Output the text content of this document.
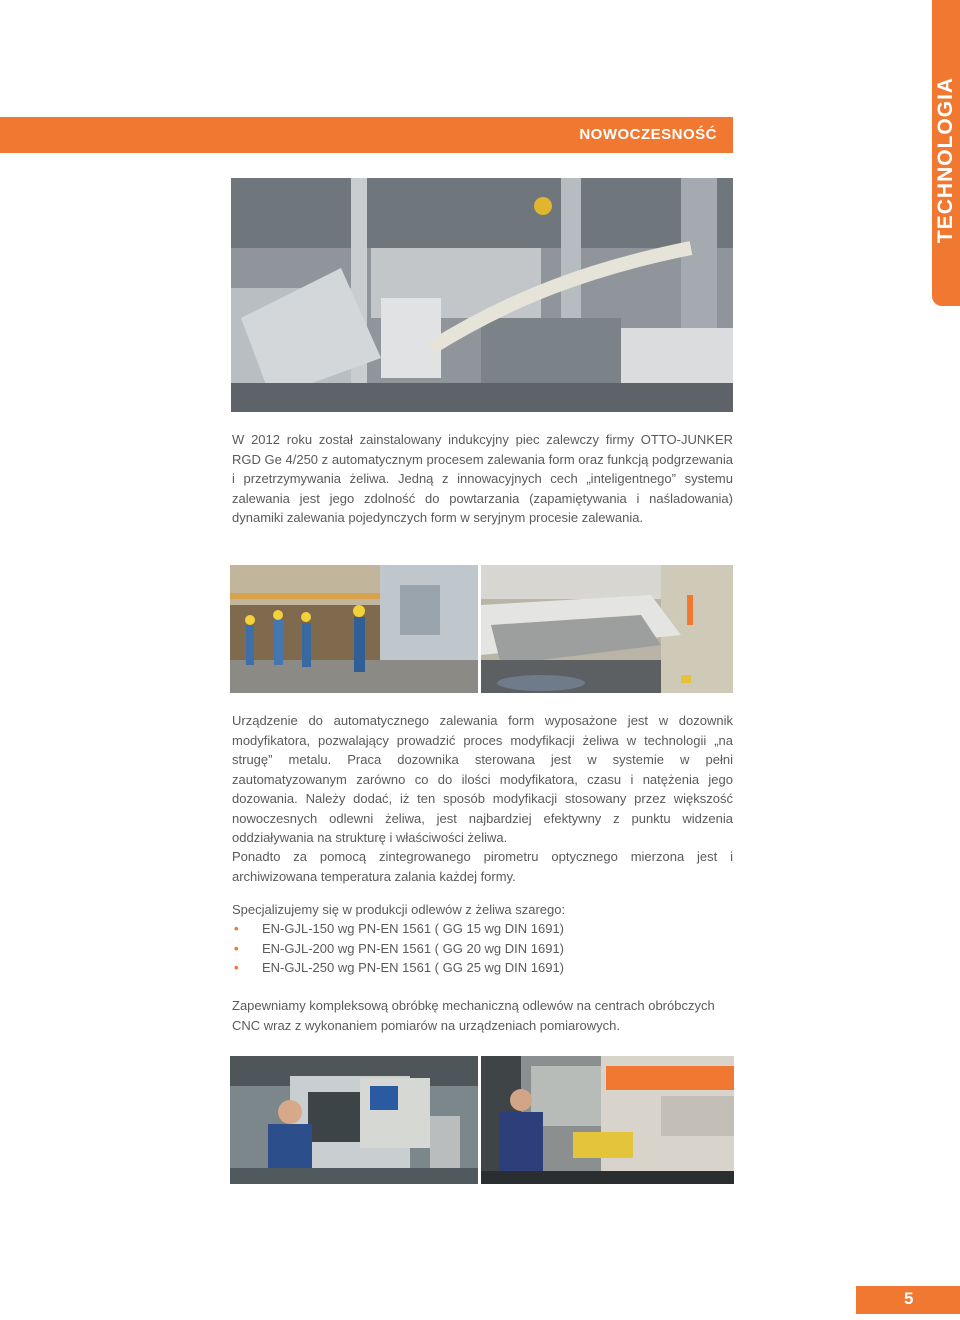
TECHNOLOGIA
NOWOCZESNOŚĆ

W 2012 roku został zainstalowany indukcyjny piec zalewczy firmy OTTO-JUNKER RGD Ge 4/250 z automatycznym procesem zalewania form oraz funkcją podgrzewania i przetrzymywania żeliwa. Jedną z innowacyjnych cech „inteligentnego” systemu zalewania jest jego zdolność do powtarzania (zapamiętywania i naśladowania) dynamiki zalewania pojedynczych form w seryjnym procesie zalewania.

Urządzenie do automatycznego zalewania form wyposażone jest w dozownik modyfikatora, pozwalający prowadzić proces modyfikacji żeliwa w technologii „na strugę” metalu. Praca dozownika sterowana jest w systemie w pełni zautomatyzowanym zarówno co do ilości modyfikatora, czasu i natężenia jego dozowania. Należy dodać, iż ten sposób modyfikacji stosowany przez większość nowoczesnych odlewni żeliwa, jest najbardziej efektywny z punktu widzenia oddziaływania na strukturę i właściwości żeliwa.

Ponadto za pomocą zintegrowanego pirometru optycznego mierzona jest i archiwizowana temperatura zalania każdej formy.

Specjalizujemy się w produkcji odlewów z żeliwa szarego:

• EN-GJL-150 wg PN-EN 1561 ( GG 15 wg DIN 1691)
• EN-GJL-200 wg PN-EN 1561 ( GG 20 wg DIN 1691)
• EN-GJL-250 wg PN-EN 1561 ( GG 25 wg DIN 1691)

Zapewniamy kompleksową obróbkę mechaniczną odlewów na centrach obróbczych CNC wraz z wykonaniem pomiarów na urządzeniach pomiarowych.

5
